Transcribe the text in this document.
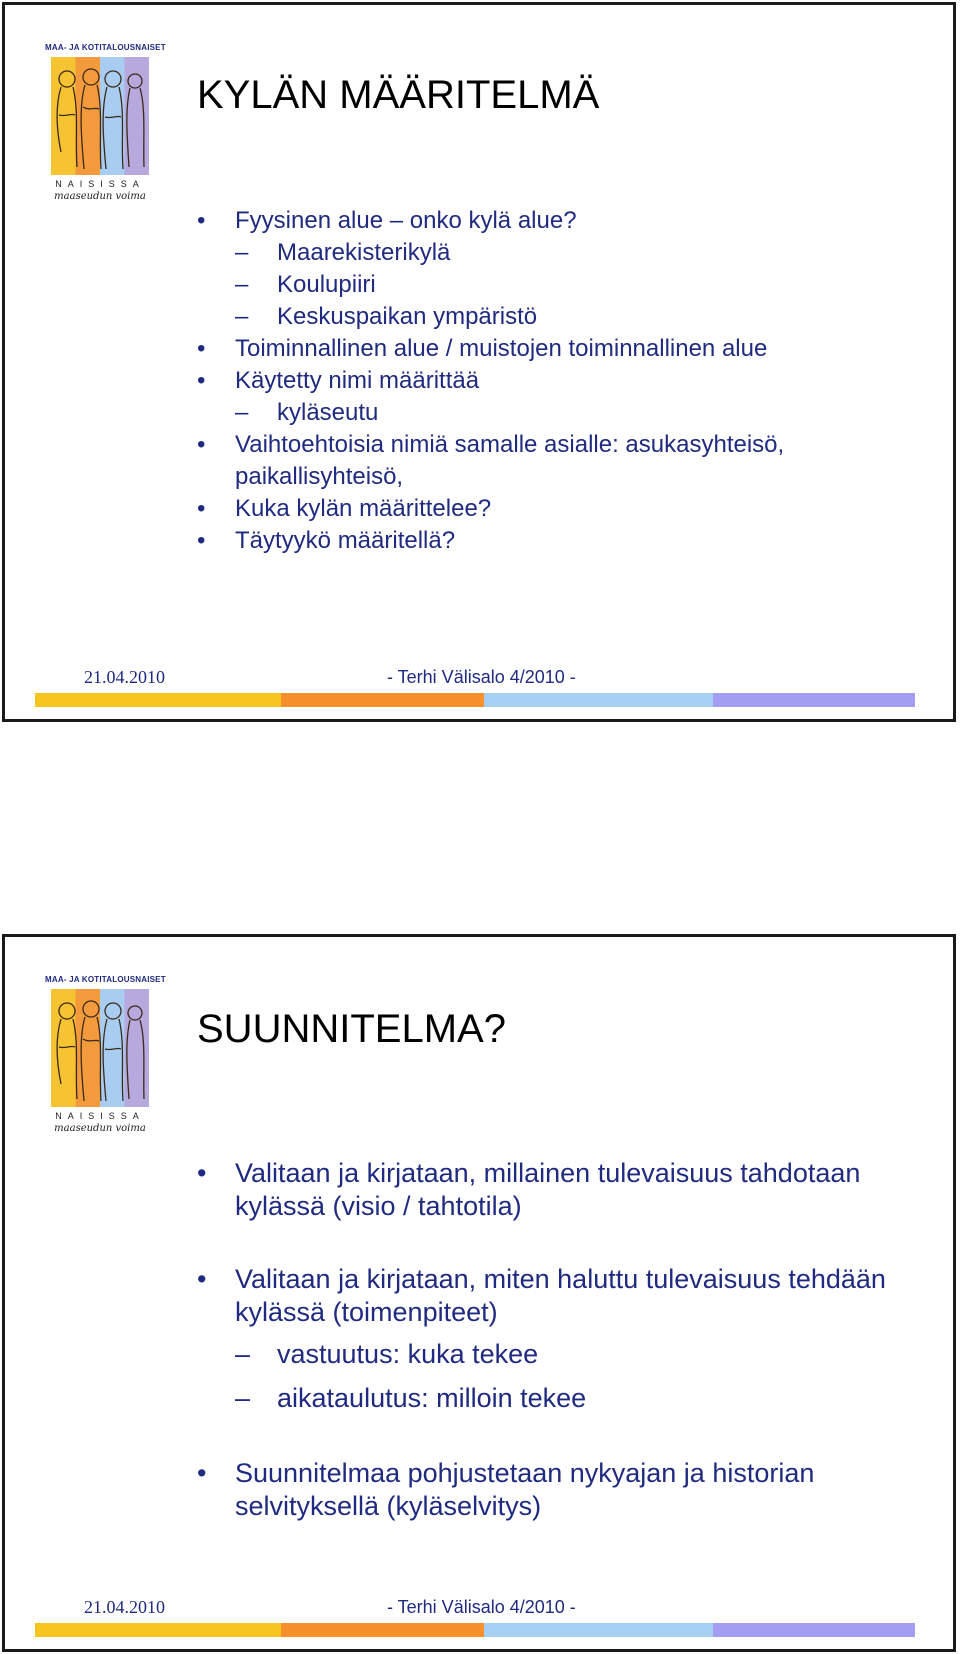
MAA- JA KOTITALOUSNAISET
NAISISSA
maaseudun voima
KYLÄN MÄÄRITELMÄ
• Fyysinen alue – onko kylä alue?
– Maarekisterikylä
– Koulupiiri
– Keskuspaikan ympäristö
• Toiminnallinen alue / muistojen toiminnallinen alue
• Käytetty nimi määrittää
– kyläseutu
• Vaihtoehtoisia nimiä samalle asialle: asukasyhteisö, paikallisyhteisö,
• Kuka kylän määrittelee?
• Täytyykö määritellä?
21.04.2010	- Terhi Välisalo 4/2010 -
MAA- JA KOTITALOUSNAISET
NAISISSA
maaseudun voima
SUUNNITELMA?
• Valitaan ja kirjataan, millainen tulevaisuus tahdotaan kylässä (visio / tahtotila)
• Valitaan ja kirjataan, miten haluttu tulevaisuus tehdään kylässä (toimenpiteet)
– vastuutus: kuka tekee
– aikataulutus: milloin tekee
• Suunnitelmaa pohjustetaan nykyajan ja historian selvityksellä (kyläselvitys)
21.04.2010	- Terhi Välisalo 4/2010 -
